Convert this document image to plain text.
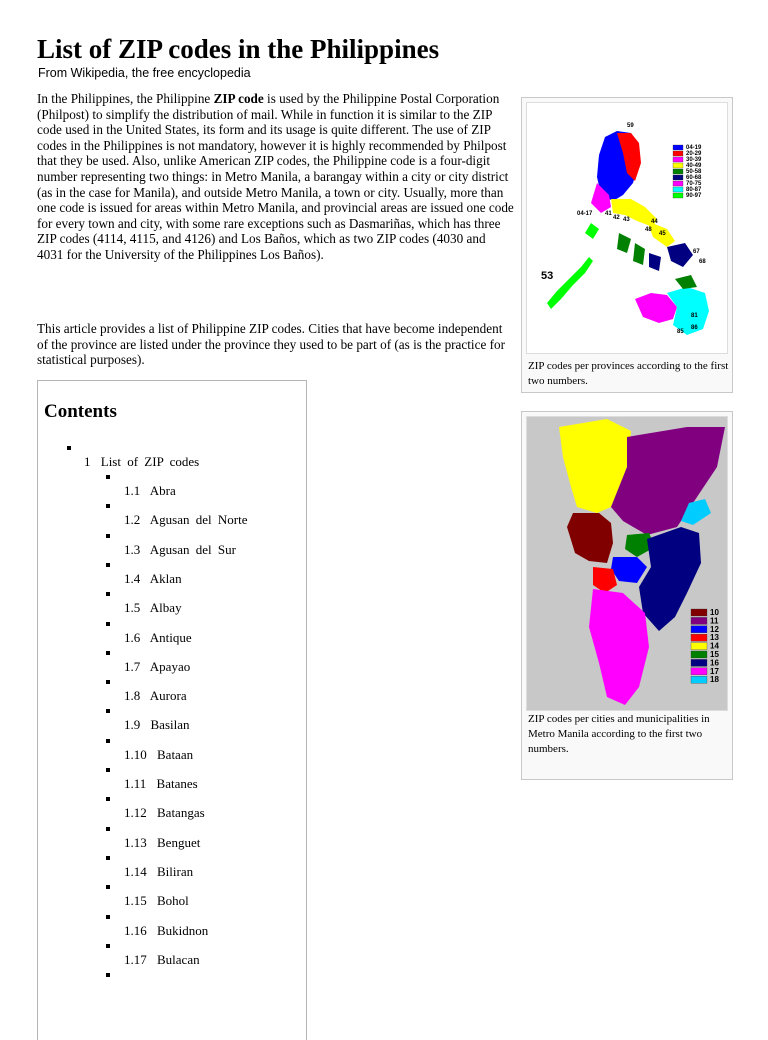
List of ZIP codes in the Philippines
From Wikipedia, the free encyclopedia

In the Philippines, the Philippine ZIP code is used by the Philippine Postal Corporation (Philpost) to simplify the distribution of mail. While in function it is similar to the ZIP code used in the United States, its form and its usage is quite different. The use of ZIP codes in the Philippines is not mandatory, however it is highly recommended by Philpost that they be used. Also, unlike American ZIP codes, the Philippine code is a four-digit number representing two things: in Metro Manila, a barangay within a city or city district (as in the case for Manila), and outside Metro Manila, a town or city. Usually, more than one code is issued for areas within Metro Manila, and provincial areas are issued one code for every town and city, with some rare exceptions such as Dasmariñas, which has three ZIP codes (4114, 4115, and 4126) and Los Baños, which as two ZIP codes (4030 and 4031 for the University of the Philippines Los Baños).

This article provides a list of Philippine ZIP codes. Cities that have become independent of the province are listed under the province they used to be part of (as is the practice for statistical purposes).

Contents
1 List of ZIP codes
1.1 Abra
1.2 Agusan del Norte
1.3 Agusan del Sur
1.4 Aklan
1.5 Albay
1.6 Antique
1.7 Apayao
1.8 Aurora
1.9 Basilan
1.10 Bataan
1.11 Batanes
1.12 Batangas
1.13 Benguet
1.14 Biliran
1.15 Bohol
1.16 Bukidnon
1.17 Bulacan
59
04-17 41
42 43	44
45
48
53
67
68
81
85
86
04-19
20-29
30-39
40-49
50-58
60-68
70-75
80-87
90-97
ZIP codes per provinces according to the first two numbers.
10
11
12
13
14
15
16
17
18
ZIP codes per cities and municipalities in Metro Manila according to the first two numbers.
